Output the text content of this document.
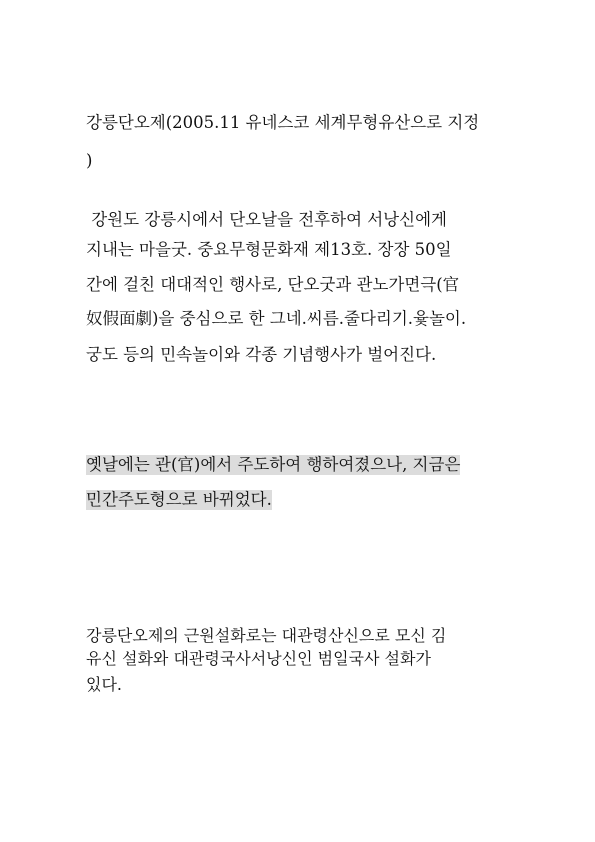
강릉단오제(2005.11 유네스코 세계무형유산으로 지정
)
강원도 강릉시에서 단오날을 전후하여 서낭신에게
지내는 마을굿. 중요무형문화재 제13호. 장장 50일
간에 걸친 대대적인 행사로, 단오굿과 관노가면극(官
奴假面劇)을 중심으로 한 그네.씨름.줄다리기.윷놀이.
궁도 등의 민속놀이와 각종 기념행사가 벌어진다.
옛날에는 관(官)에서 주도하여 행하여졌으나, 지금은
민간주도형으로 바뀌었다.
강릉단오제의 근원설화로는 대관령산신으로 모신 김
유신 설화와 대관령국사서낭신인 범일국사 설화가
있다.
